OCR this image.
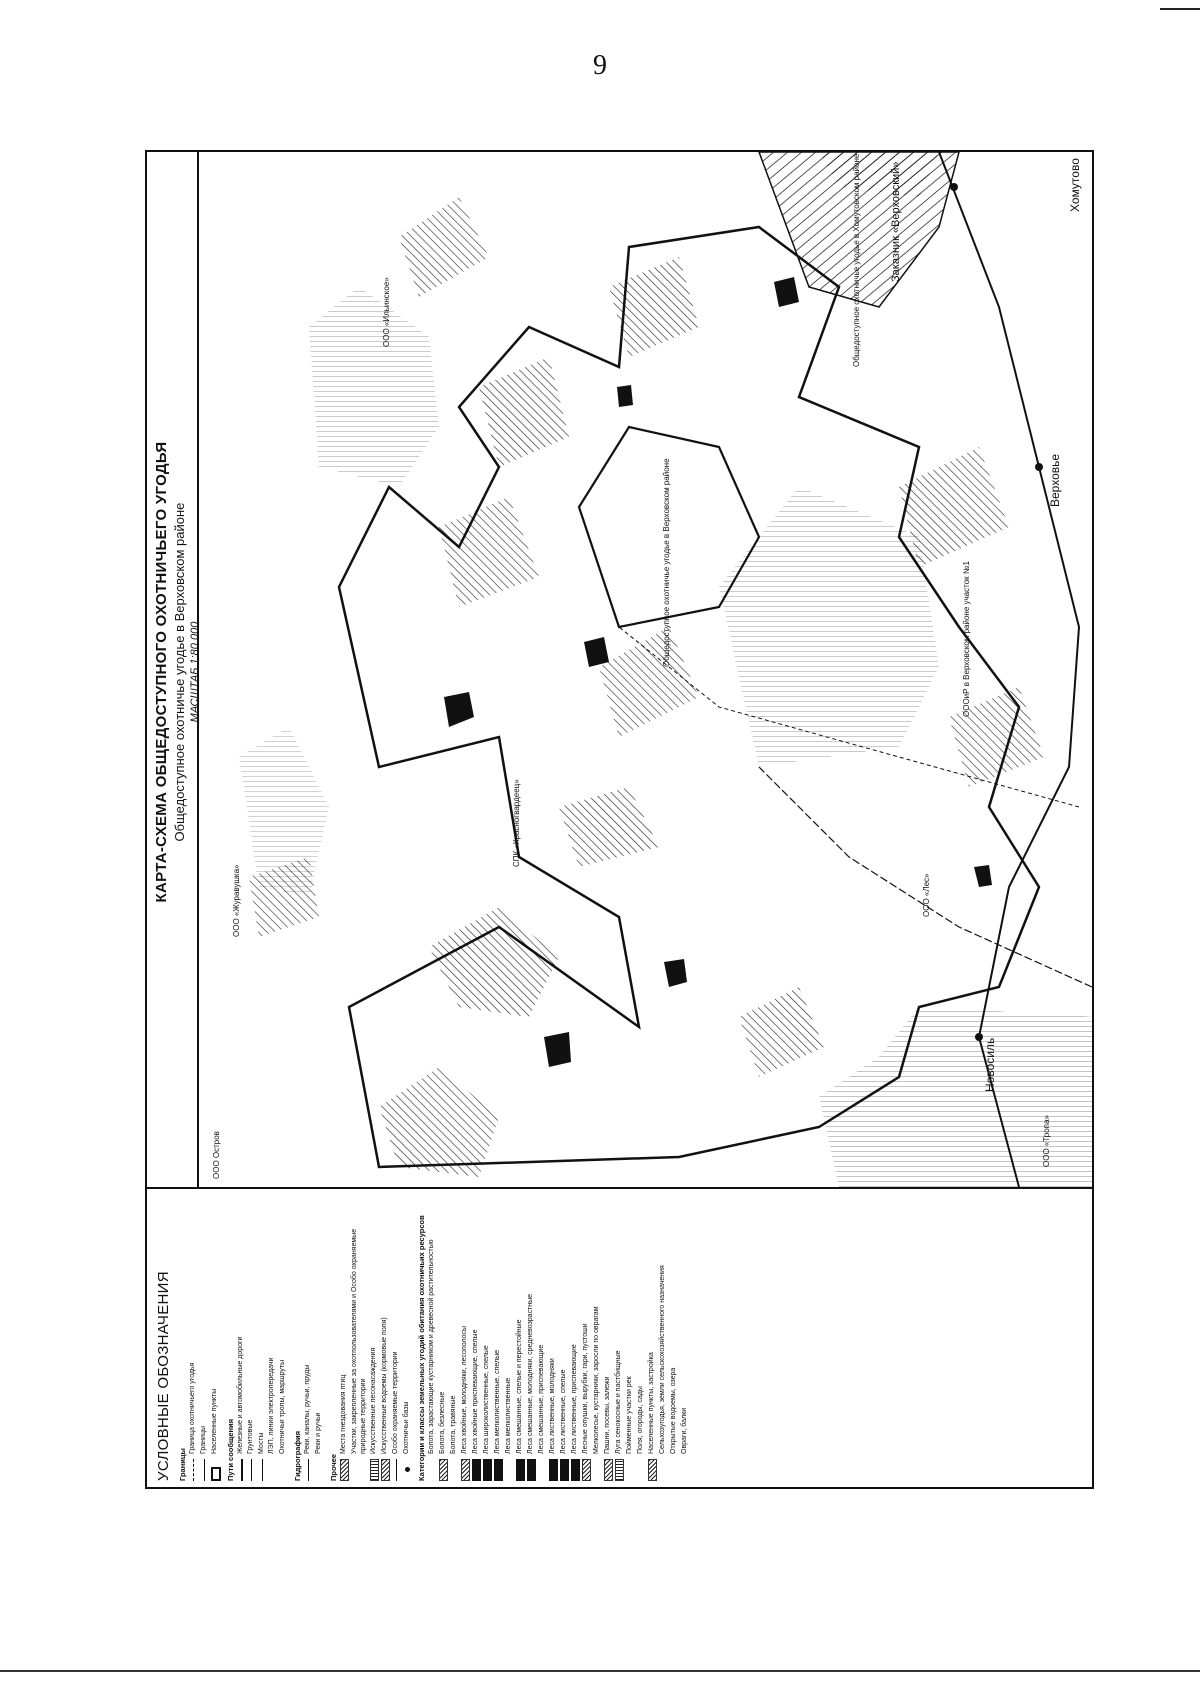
9
УСЛОВНЫЕ ОБОЗНАЧЕНИЯ Границы
Граница охотничьего угодья Границы Населенные пункты Пути сообщения Железные и автомобильные дороги Грунтовые Мосты ЛЭП, линии электропередачи Охотничьи тропы, маршруты
Гидрография
Реки, каналы, ручьи, пруды Реки и ручьи
Прочее
Места гнездования птиц Участки, закрепленные за охотпользователями и Особо охраняемые природные территории Искусственные лесонасаждения Искусственные водоемы (кормовые поля) Особо охраняемые территории Охотничьи базы Категории и классы земельных угодий обитания охотничьих ресурсов Болота, зарастающие кустарником и древесной растительностью Болота, безлесные Болота, травяные Леса хвойные, молодняки, лесополосы Леса хвойные приспевающие, спелые Леса широколиственные, спелые Леса мелколиственные, спелые Леса мелколиственные Леса смешанные, спелые и перестойные Леса смешанные, молодняки, средневозрастные Леса смешанные, приспевающие Леса лиственные, молодняки Леса лиственные, спелые Леса лиственные, приспевающие Лесные опушки, вырубки, гари, пустоши Мелколесье, кустарники, заросли по оврагам Пашни, посевы, залежи Луга сенокосные и пастбищные Пойменные участки рек Поля, огороды, сады Населенные пункты, застройка Сельхозугодья, земли сельскохозяйственного назначения Открытые водоемы, озера Овраги, балки
КАРТА-СХЕМА ОБЩЕДОСТУПНОГО ОХОТНИЧЬЕГО УГОДЬЯ Общедоступное охотничье угодье в Верховском районе МАСШТАБ 1:80 000
Новосиль
Верховье
Хомутово
Заказник «Верховский»
ООО Остров
ООО «Журавушка»
СПК «Красногвардеец»
ООО «Лес»
ООО «Тропа»
ОООиР в Верховском районе участок №1
Общедоступное охотничье угодье в Верховском районе
Общедоступное охотничье угодье в Хомутовском районе
ООО «Ильинское»
